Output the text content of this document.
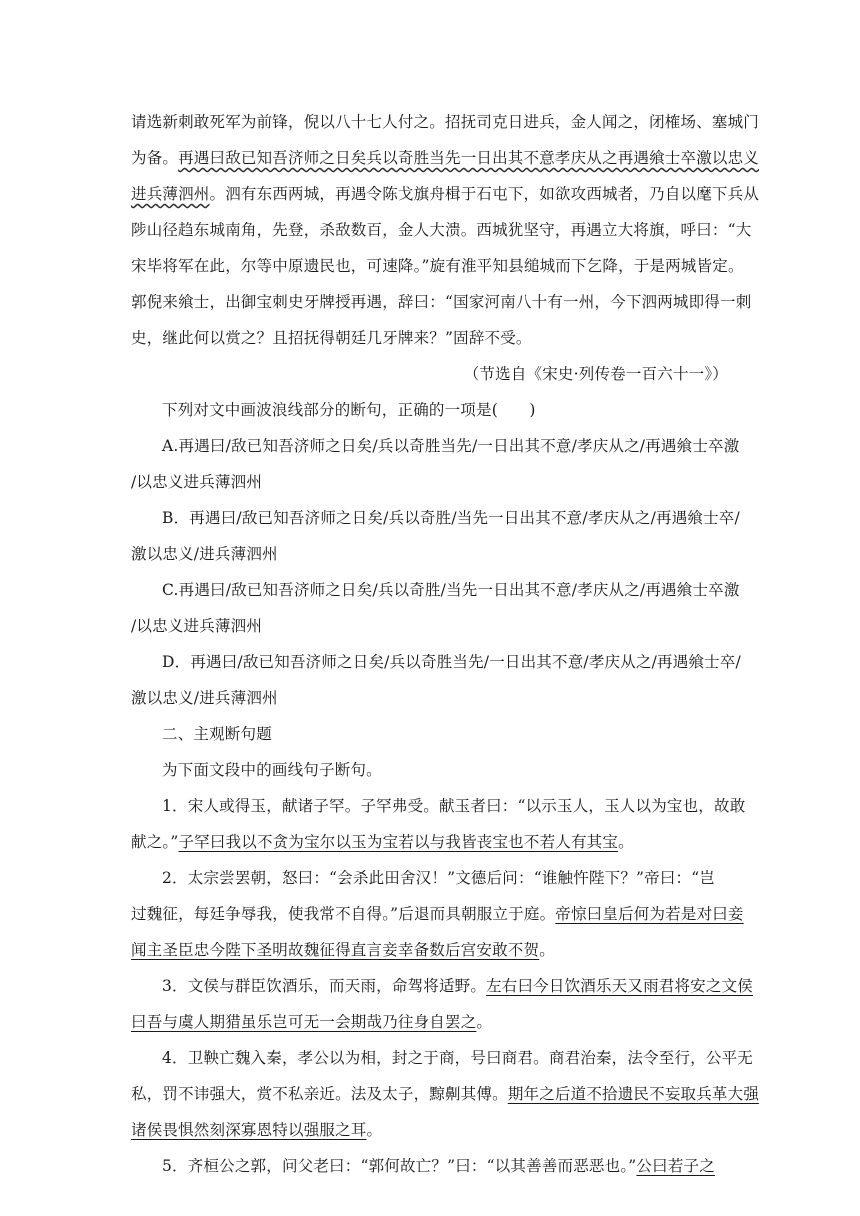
请选新刺敢死军为前锋，倪以八十七人付之。招抚司克日进兵，金人闻之，闭榷场、塞城门
为备。再遇曰敌已知吾济师之日矣兵以奇胜当先一日出其不意孝庆从之再遇飨士卒激以忠义
进兵薄泗州。泗有东西两城，再遇令陈戈旗舟楫于石屯下，如欲攻西城者，乃自以麾下兵从
陟山径趋东城南角，先登，杀敌数百，金人大溃。西城犹坚守，再遇立大将旗，呼曰：“大
宋毕将军在此，尔等中原遗民也，可速降。”旋有淮平知县缒城而下乞降，于是两城皆定。
郭倪来飨士，出御宝刺史牙牌授再遇，辞曰：“国家河南八十有一州，今下泗两城即得一刺
史，继此何以赏之？且招抚得朝廷几牙牌来？”固辞不受。
（节选自《宋史·列传卷一百六十一》）
下列对文中画波浪线部分的断句，正确的一项是(　　)
A.再遇曰/敌已知吾济师之日矣/兵以奇胜当先/一日出其不意/孝庆从之/再遇飨士卒激
/以忠义进兵薄泗州
B．再遇曰/敌已知吾济师之日矣/兵以奇胜/当先一日出其不意/孝庆从之/再遇飨士卒/
激以忠义/进兵薄泗州
C.再遇曰/敌已知吾济师之日矣/兵以奇胜/当先一日出其不意/孝庆从之/再遇飨士卒激
/以忠义进兵薄泗州
D．再遇曰/敌已知吾济师之日矣/兵以奇胜当先/一日出其不意/孝庆从之/再遇飨士卒/
激以忠义/进兵薄泗州
二、主观断句题
为下面文段中的画线句子断句。
1．宋人或得玉，献诸子罕。子罕弗受。献玉者曰：“以示玉人，玉人以为宝也，故敢
献之。”子罕曰我以不贪为宝尔以玉为宝若以与我皆丧宝也不若人有其宝。
2．太宗尝罢朝，怒曰：“会杀此田舍汉！”文德后问：“谁触忤陛下？”帝曰：“岂
过魏征，每廷争辱我，使我常不自得。”后退而具朝服立于庭。帝惊曰皇后何为若是对曰妾
闻主圣臣忠今陛下圣明故魏征得直言妾幸备数后宫安敢不贺。
3．文侯与群臣饮酒乐，而天雨，命驾将适野。左右曰今日饮酒乐天又雨君将安之文侯
曰吾与虞人期猎虽乐岂可无一会期哉乃往身自罢之。
4．卫鞅亡魏入秦，孝公以为相，封之于商，号曰商君。商君治秦，法令至行，公平无
私，罚不讳强大，赏不私亲近。法及太子，黥劓其傅。期年之后道不拾遗民不妄取兵革大强
诸侯畏惧然刻深寡恩特以强服之耳。
5．齐桓公之郭，问父老曰：“郭何故亡？”曰：“以其善善而恶恶也。”公曰若子之
